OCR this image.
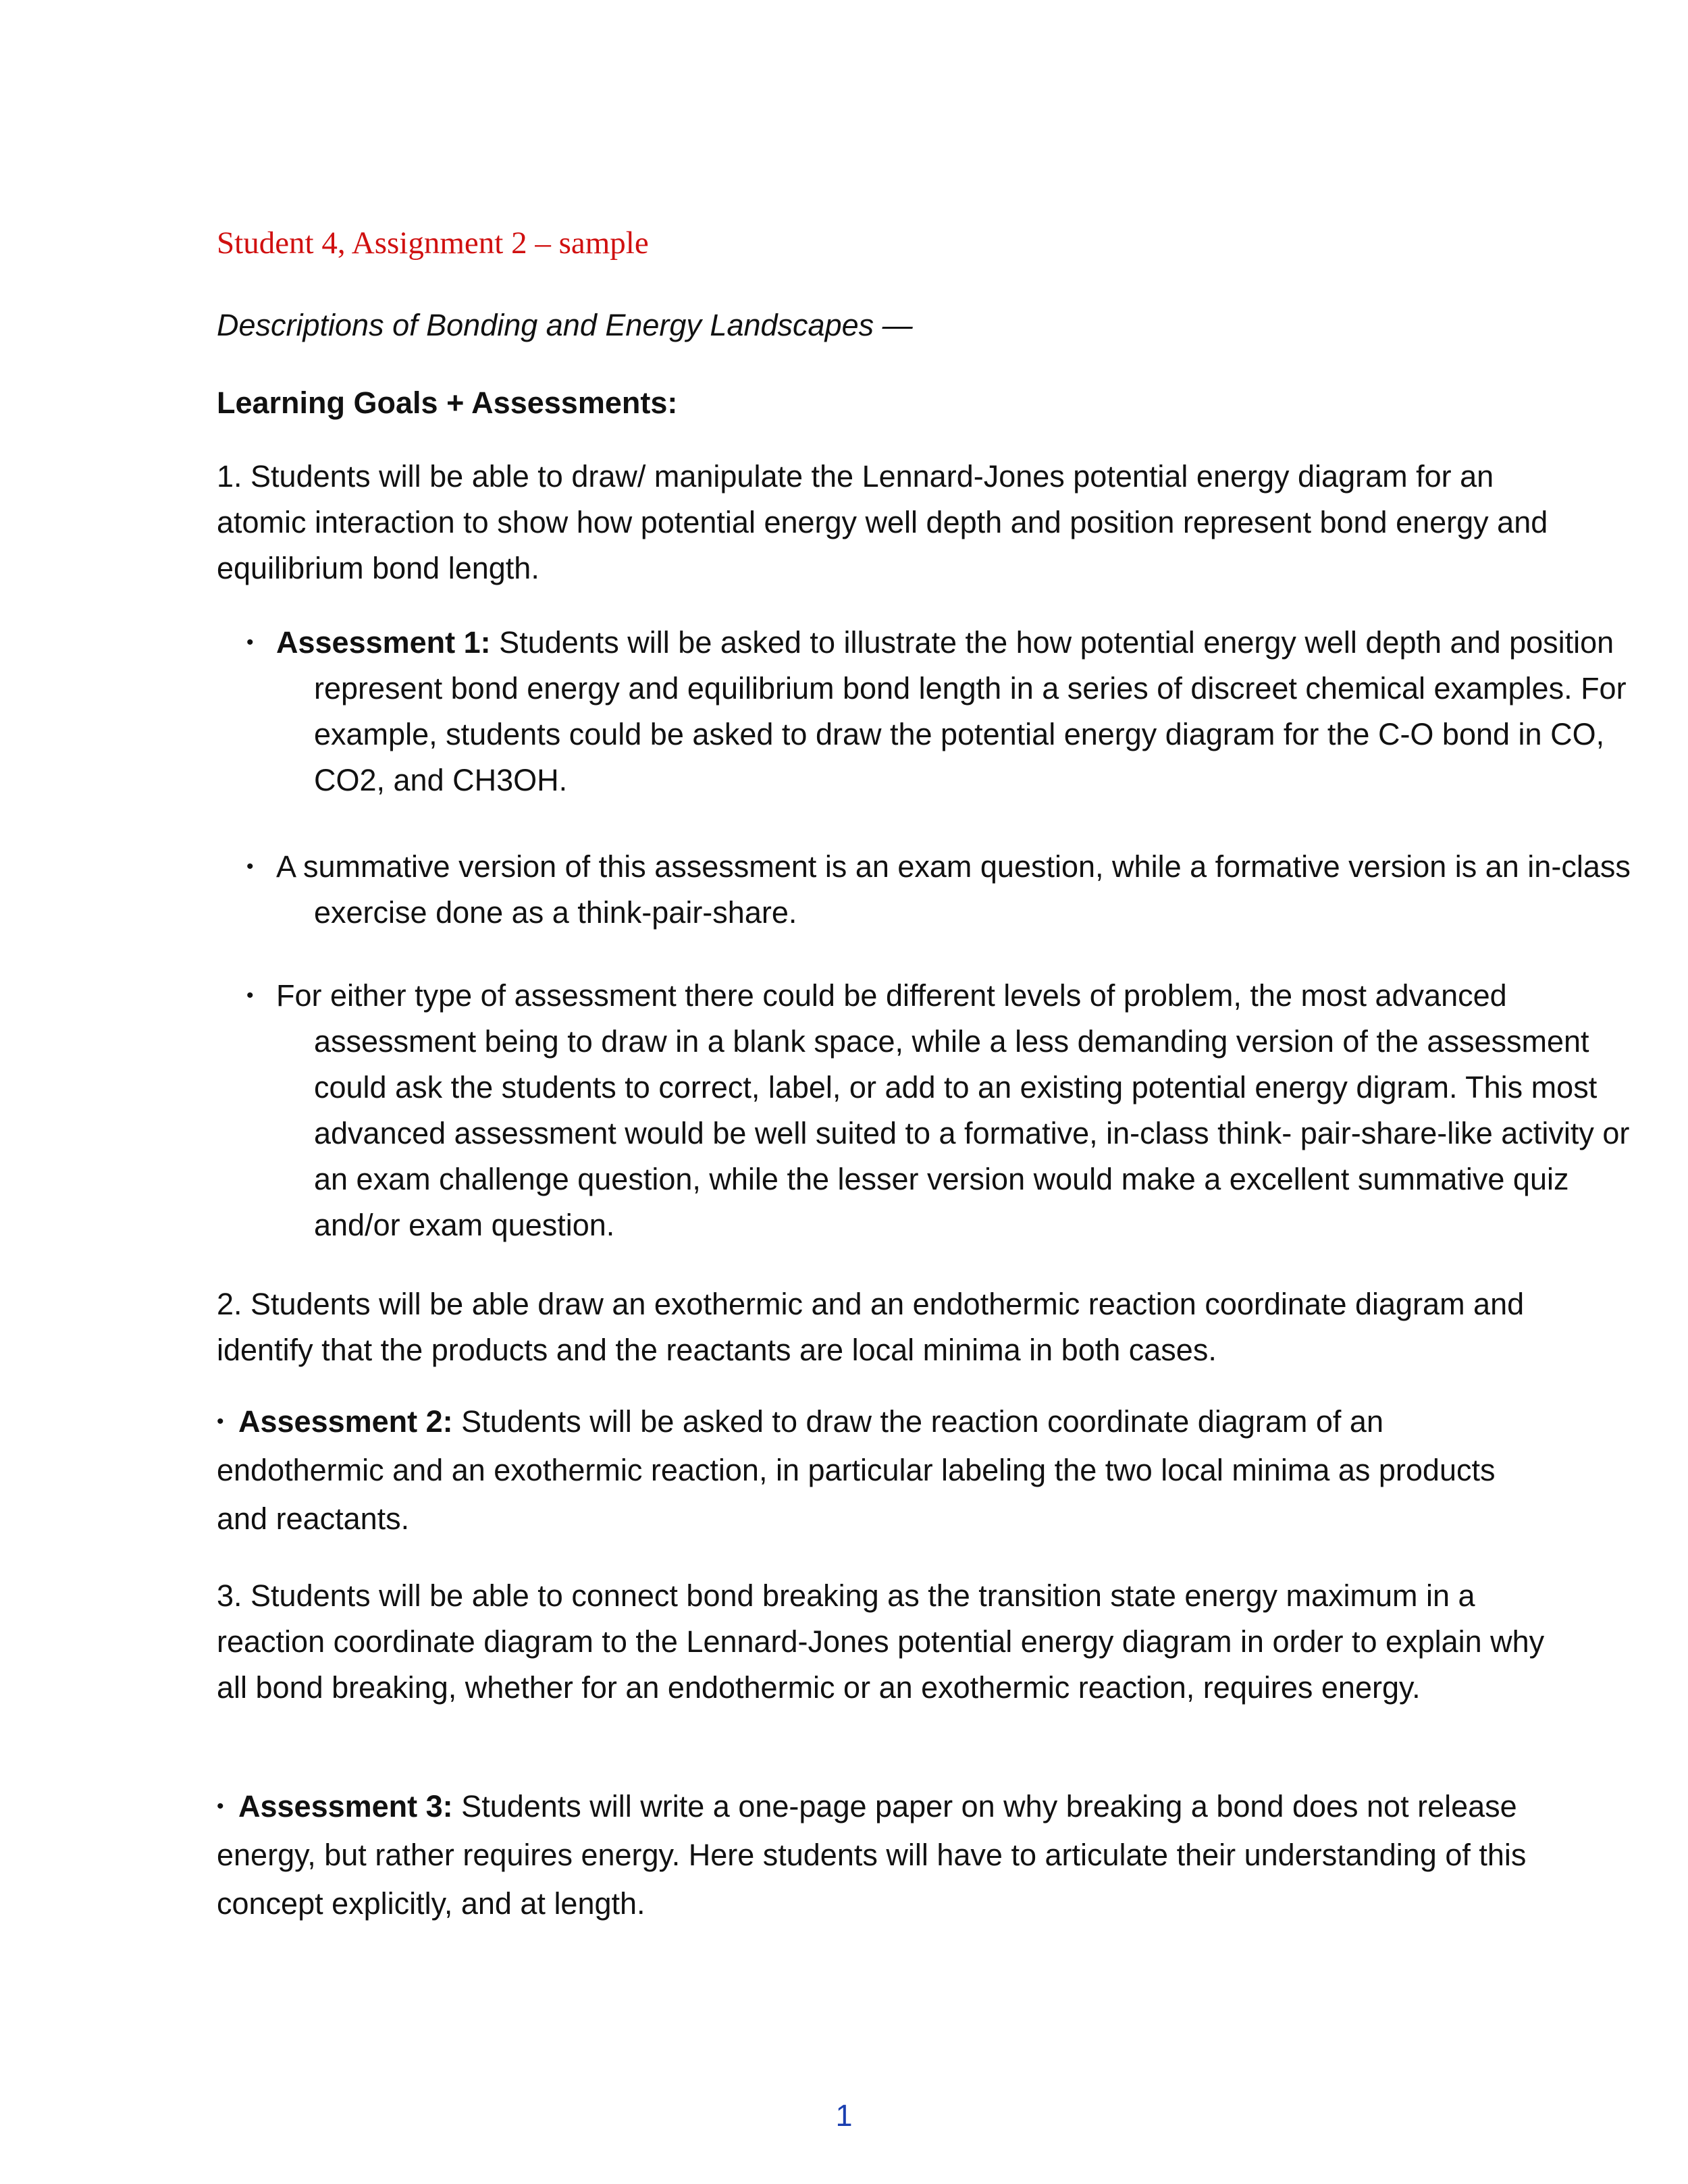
Student 4, Assignment 2 – sample

Descriptions of Bonding and Energy Landscapes —

Learning Goals + Assessments:

1. Students will be able to draw/ manipulate the Lennard-Jones potential energy diagram for an atomic interaction to show how potential energy well depth and position represent bond energy and equilibrium bond length.

• Assessment 1: Students will be asked to illustrate the how potential energy well depth and position represent bond energy and equilibrium bond length in a series of discreet chemical examples. For example, students could be asked to draw the potential energy diagram for the C-O bond in CO, CO2, and CH3OH.

• A summative version of this assessment is an exam question, while a formative version is an in-class exercise done as a think-pair-share.

• For either type of assessment there could be different levels of problem, the most advanced assessment being to draw in a blank space, while a less demanding version of the assessment could ask the students to correct, label, or add to an existing potential energy digram. This most advanced assessment would be well suited to a formative, in-class think- pair-share-like activity or an exam challenge question, while the lesser version would make a excellent summative quiz and/or exam question.

2. Students will be able draw an exothermic and an endothermic reaction coordinate diagram and identify that the products and the reactants are local minima in both cases.

• Assessment 2: Students will be asked to draw the reaction coordinate diagram of an endothermic and an exothermic reaction, in particular labeling the two local minima as products and reactants.

3. Students will be able to connect bond breaking as the transition state energy maximum in a reaction coordinate diagram to the Lennard-Jones potential energy diagram in order to explain why all bond breaking, whether for an endothermic or an exothermic reaction, requires energy.

• Assessment 3: Students will write a one-page paper on why breaking a bond does not release energy, but rather requires energy. Here students will have to articulate their understanding of this concept explicitly, and at length.

1
